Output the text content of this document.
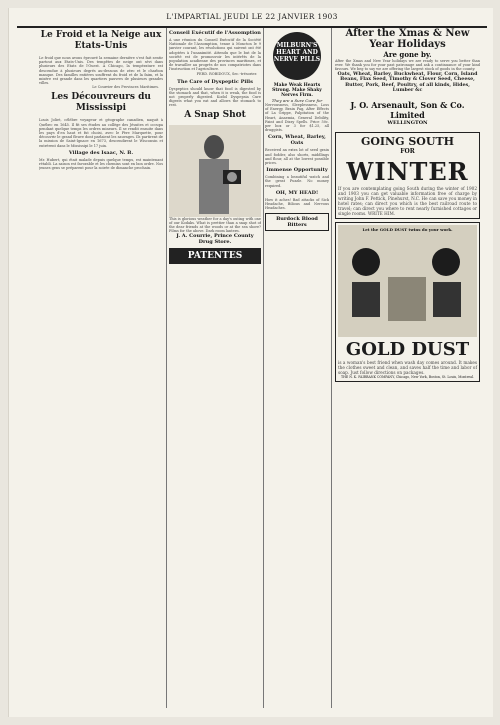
L'IMPARTIAL JEUDI LE 22 JANVIER 1903
Le Froid et la Neige aux Etats-Unis
Le froid que nous avons éprouvé la semaine dernière s'est fait sentir partout aux Etats-Unis. Des tempêtes de neige ont sévi dans plusieurs des Etats de l'Ouest. A Chicago, la température est descendue à plusieurs degrés au-dessous de zéro et le charbon manque. Des familles entières souffrent du froid et de la faim, et la misère est grande dans les quartiers pauvres de plusieurs grandes villes.
Le Courrier des Provinces Maritimes.
Les Découvreurs du Mississipi
Louis Joliet, célèbre voyageur et géographe canadien, naquit à Québec en 1645. Il fit ses études au collège des Jésuites et occupa pendant quelque temps les ordres mineurs. Il se rendit ensuite dans les pays d'en haut et fut choisi, avec le Père Marquette, pour découvrir le grand fleuve dont parlaient les sauvages. Ils partirent de la mission de Saint-Ignace en 1673, descendirent le Wisconsin et entrèrent dans le Mississipi le 17 juin.
Village des Isaac, N. B.
Mr. Hubert, qui était malade depuis quelque temps, est maintenant rétabli. La saison est favorable et les chemins sont en bon ordre. Nos jeunes gens se préparent pour la soirée de dimanche prochain.
Conseil Exécutif de l'Assomption
A une réunion du Conseil Exécutif de la Société Nationale de l'Assomption, tenue à Moncton le 9 janvier courant, les résolutions qui suivent ont été adoptées à l'unanimité. Attendu que le but de la société est de promouvoir les intérêts de la population acadienne des provinces maritimes, et de travailler au progrès de nos compatriotes dans l'instruction et l'agriculture.
FERD. ROBIDOUX, Sec.-trésorier.
The Care of Dyspeptic Pills
Dyspeptics should know that food is digested by the stomach and that, when it is weak, the food is not properly digested. Kodol Dyspepsia Cure digests what you eat and allows the stomach to rest.
A Snap Shot
This is glorious weather for a day's outing with one of our Kodaks. What is prettier than a snap shot of the dear friends at the woods or at the sea shore? Films for the above. Dark room lantern.
J. A. Courrie, Prince County Drug Store.
PATENTES
MILBURN'S HEART AND NERVE PILLS
Make Weak Hearts Strong. Make Shaky Nerves Firm.
They are a Sure Cure for
Nervousness, Sleeplessness, Loss of Energy, Brain Fag, After Effects of La Grippe, Palpitation of the Heart, Anaemia, General Debility, Faint and Dizzy Spells. Price 50c. per box or 3 for $1.25, all druggists.
Corn, Wheat, Barley, Oats
Received an extra lot of seed grain and fodder, also shorts, middlings and flour, all at the lowest possible prices.
Immense Opportunity
Combining a beautiful watch and the great Puzzle. No money required.
OH, MY HEAD!
How it aches! Bad attacks of Sick Headache, Bilious and Nervous Headaches.
Burdock Blood Bitters
After the Xmas & New Year Holidays
Are gone by.
After the Xmas and New Year holidays we are ready to serve you better than ever. We thank you for your past patronage and ask a continuance of your kind favours. We beg to say we are offering the largest stock of goods in the county.
Oats, Wheat, Barley, Buckwheat, Flour, Corn, Island Beans, Flax Seed, Timothy & Clover Seed, Cheese, Butter, Pork, Beef, Poultry, of all kinds, Hides, Lumber &c
J. O. Arsenault, Son & Co. Limited
WELLINGTON
GOING SOUTH
FOR
WINTER
If you are contemplating going South during the winter of 1902 and 1903 you can get valuable information free of charge by writing John F. Pettick, Pinehurst, N.C. He can save you money in hotel rates; can direct you which is the best railroad route to travel; can direct you where to rent nearly furnished cottages or single rooms. WRITE HIM.
Let the GOLD DUST twins do your work.
GOLD DUST
is a woman's best friend when wash day comes around. It makes the clothes sweet and clean, and saves half the time and labor of soap. Just follow directions on packages.
THE N. K. FAIRBANK COMPANY, Chicago, New York, Boston, St. Louis, Montreal.
